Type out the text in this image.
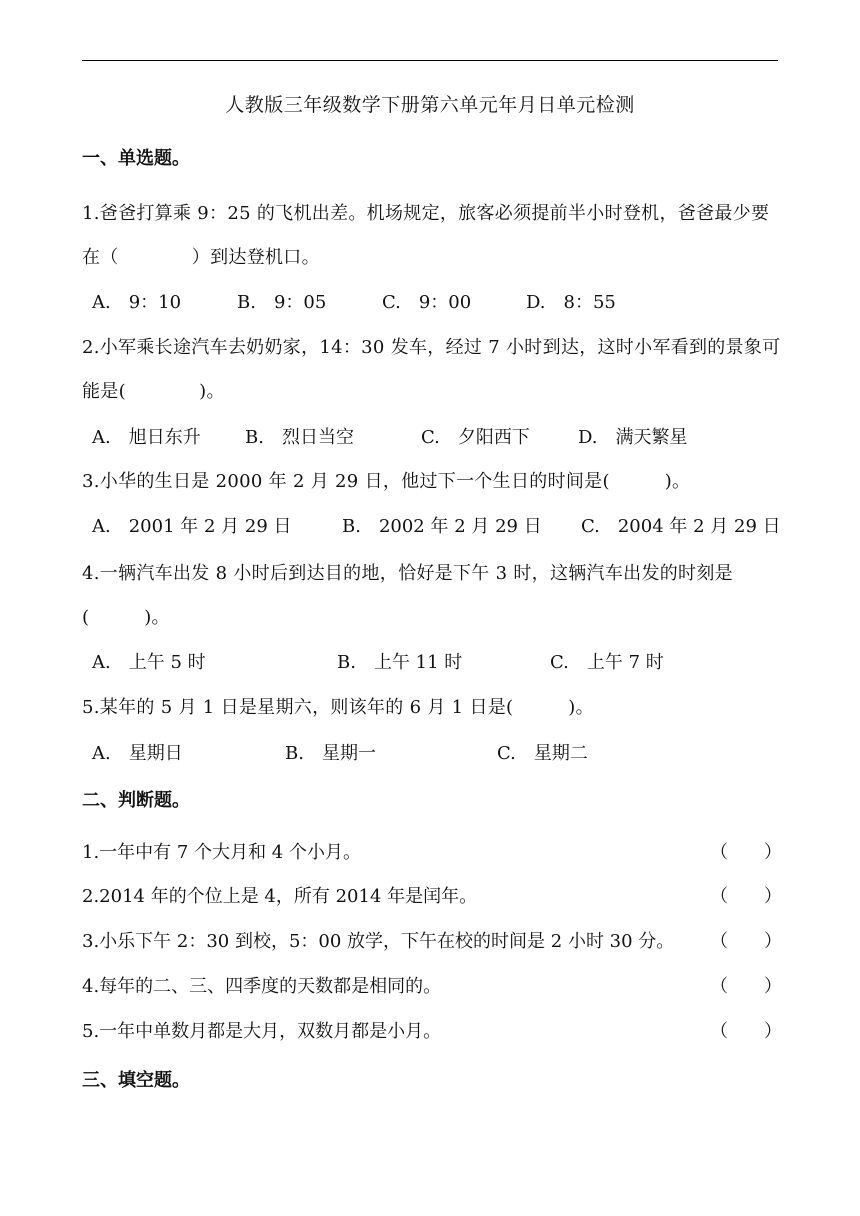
人教版三年级数学下册第六单元年月日单元检测
一、单选题。
1.爸爸打算乘 9：25 的飞机出差。机场规定，旅客必须提前半小时登机，爸爸最少要在（　　　　）到达登机口。
A.　9：10	B.　9：05	C.　9：00	D.　8：55
2.小军乘长途汽车去奶奶家，14：30 发车，经过 7 小时到达，这时小军看到的景象可能是(　　　　)。
A.　旭日东升 B.　烈日当空	C.　夕阳西下	D.　满天繁星
3.小华的生日是 2000 年 2 月 29 日，他过下一个生日的时间是(　　　)。
A.　2001 年 2 月 29 日	B.　2002 年 2 月 29 日 C.　2004 年 2 月 29 日
4.一辆汽车出发 8 小时后到达目的地，恰好是下午 3 时，这辆汽车出发的时刻是(　　　)。
A.　上午 5 时	B.　上午 11 时	C.　上午 7 时
5.某年的 5 月 1 日是星期六，则该年的 6 月 1 日是(　　　)。
A.　星期日	B.　星期一	C.　星期二
二、判断题。
1.一年中有 7 个大月和 4 个小月。	（　　）
2.2014 年的个位上是 4，所有 2014 年是闰年。	（　　）
3.小乐下午 2：30 到校，5：00 放学，下午在校的时间是 2 小时 30 分。 （　　）
4.每年的二、三、四季度的天数都是相同的。	（　　）
5.一年中单数月都是大月，双数月都是小月。	（　　）
三、填空题。
